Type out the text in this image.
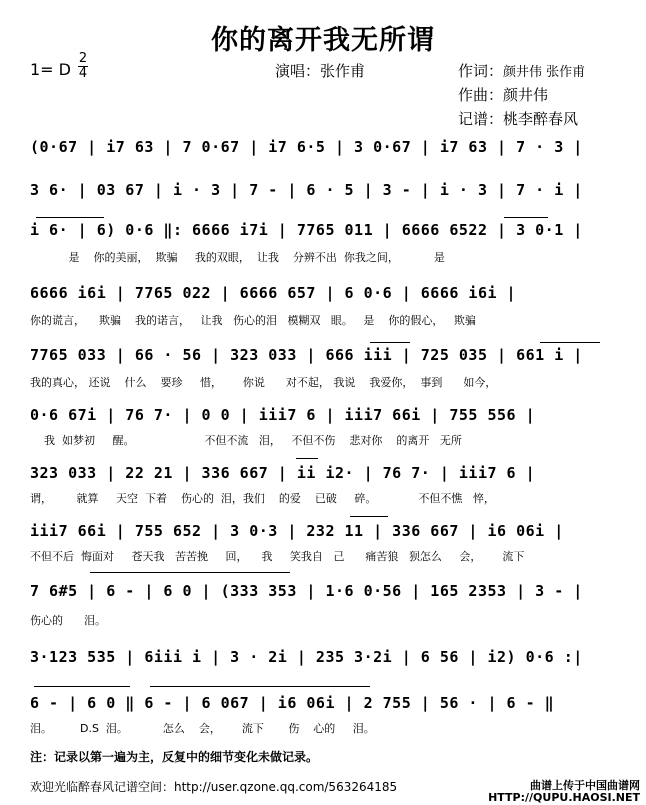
你的离开我无所谓
1= D
2
4	演唱：张作甫	作词：颜井伟 张作甫
作曲：颜井伟
记谱：桃李醉春风
(0·67 | i7 63 | 7 0·67 | i7 6·5 | 3 0·67 | i7 63 | 7 · 3 |
3 6· | 03 67 | i · 3 | 7 - | 6 · 5 | 3 - | i · 3 | 7 · i |
i 6· | 6) 0·6 ‖: 6666 i7i | 7765 011 | 6666 6522 | 3 0·1 |
是    你的美丽，  欺骗     我的双眼，  让我    分辨不出  你我之间，          是
6666 i6i | 7765 022 | 6666 657 | 6 0·6 | 6666 i6i |
你的谎言，    欺骗    我的诺言，   让我   伤心的泪   模糊双   眼。   是    你的假心，   欺骗
7765 033 | 66 · 56 | 323 033 | 666 iii | 725 035 | 661 i |
我的真心， 还说    什么    要珍     惜，      你说      对不起， 我说    我爱你，  事到      如今，
0·6 67i | 76 7· | 0 0 | iii7 6 | iii7 66i | 755 556 |
我  如梦初     醒。                    不但不流   泪，   不但不伤    悲对你    的离开   无所
323 033 | 22 21 | 336 667 | ii i2· | 76 7· | iii7 6 |
谓，       就算     天空  下着    伤心的  泪，我们    的爱    已破     碎。            不但不憔   悴，
iii7 66i | 755 652 | 3 0·3 | 232 11 | 336 667 | i6 06i |
不但不后  悔面对     苍天我   苦苦挽     回，    我     笑我自   己      痛苦狼   狈怎么     会，      流下
7 6#5 | 6 - | 6 0 | (333 353 | 1·6 0·56 | 165 2353 | 3 - |
伤心的      泪。
3·123 535 | 6iii i | 3 · 2i | 235 3·2i | 6 56 | i2) 0·6 :|
6 - | 6 0 ‖ 6 - | 6 067 | i6 06i | 2 755 | 56 · | 6 - ‖
泪。        D.S  泪。          怎么    会，      流下       伤    心的     泪。
注：记录以第一遍为主，反复中的细节变化未做记录。
欢迎光临醉春风记谱空间：http://user.qzone.qq.com/563264185	曲谱上传于中国曲谱网
HTTP://QUPU.HAOSI.NET
